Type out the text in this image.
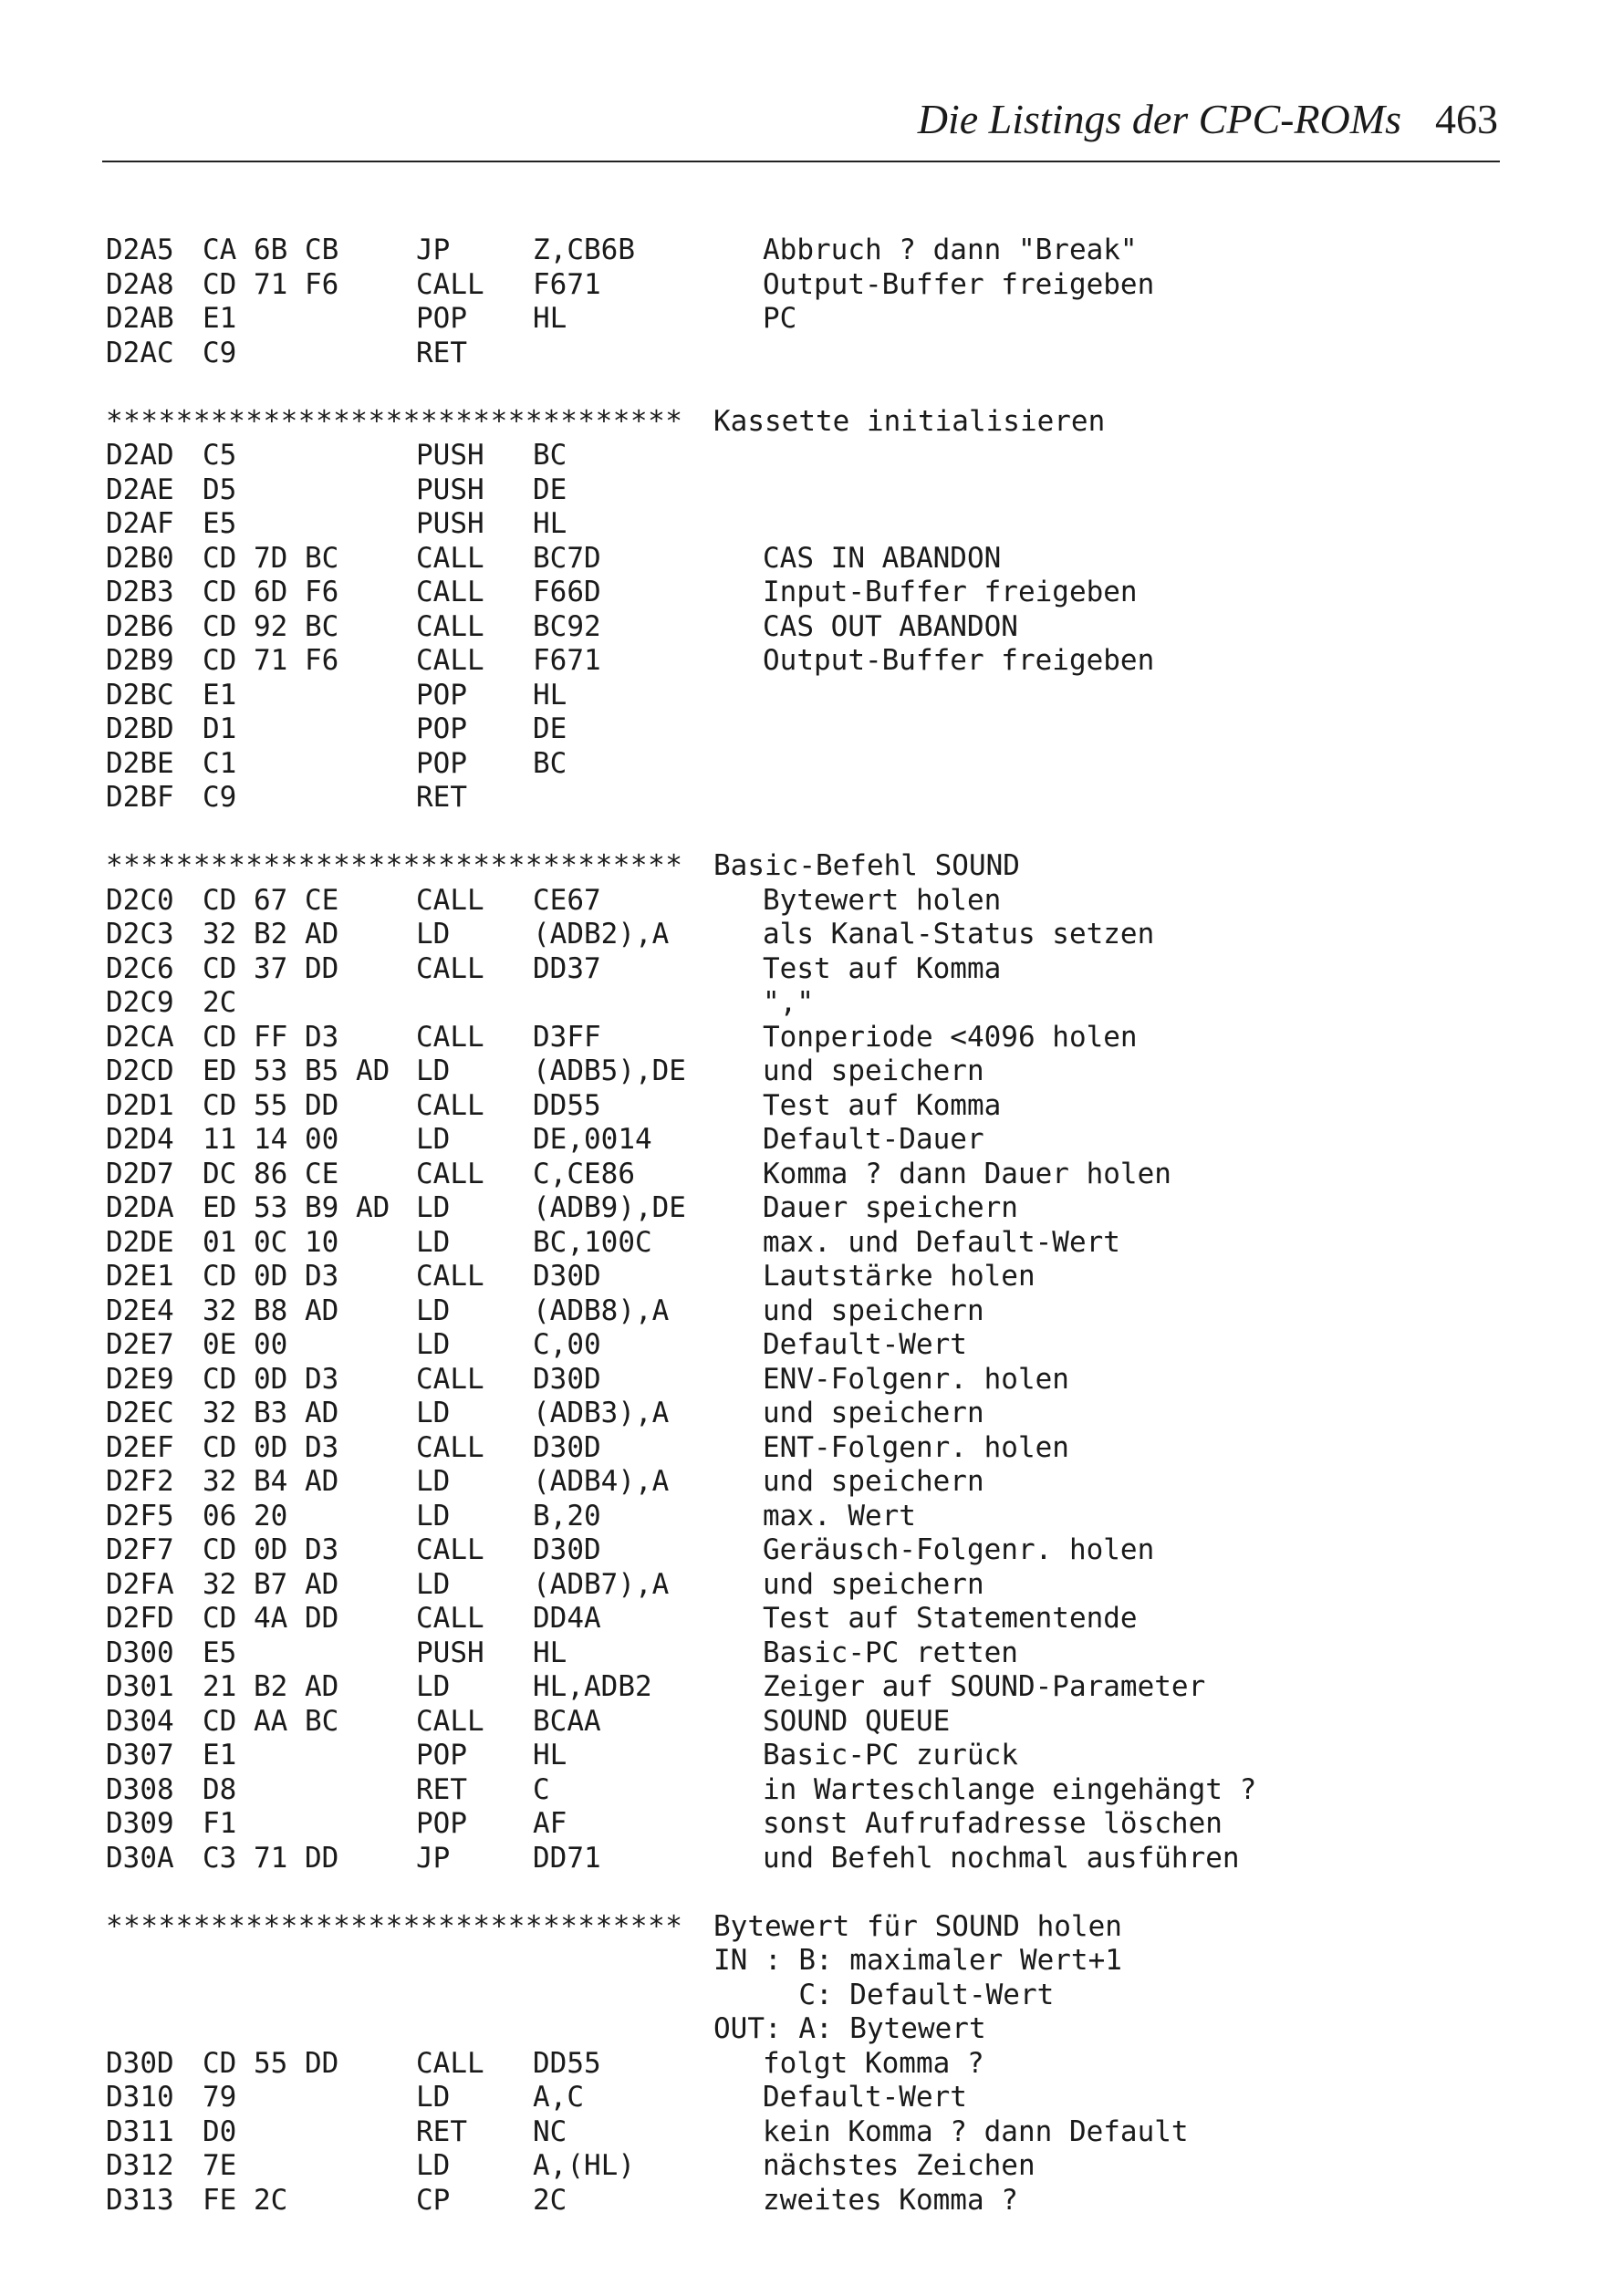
Die Listings der CPC-ROMs 463
D2A5 CA 6B CB	JP	Z,CB6B	Abbruch ? dann "Break"
D2A8 CD 71 F6	CALL F671	Output-Buffer freigeben
D2AB E1	POP HL	PC
D2AC C9	RET
********************************* Kassette initialisieren
D2AD C5	PUSH BC
D2AE D5	PUSH DE
D2AF E5	PUSH HL
D2B0 CD 7D BC	CALL BC7D	CAS IN ABANDON
D2B3 CD 6D F6	CALL F66D	Input-Buffer freigeben
D2B6 CD 92 BC	CALL BC92	CAS OUT ABANDON
D2B9 CD 71 F6	CALL F671	Output-Buffer freigeben
D2BC E1	POP HL
D2BD D1	POP DE
D2BE C1	POP BC
D2BF C9	RET
********************************* Basic-Befehl SOUND
D2C0 CD 67 CE	CALL CE67	Bytewert holen
D2C3 32 B2 AD	LD	(ADB2),A	als Kanal-Status setzen
D2C6 CD 37 DD	CALL DD37	Test auf Komma
D2C9 2C	","
D2CA CD FF D3	CALL D3FF	Tonperiode <4096 holen
D2CD ED 53 B5 AD LD	(ADB5),DE	und speichern
D2D1 CD 55 DD	CALL DD55	Test auf Komma
D2D4 11 14 00	LD	DE,0014	Default-Dauer
D2D7 DC 86 CE	CALL C,CE86	Komma ? dann Dauer holen
D2DA ED 53 B9 AD LD	(ADB9),DE	Dauer speichern
D2DE 01 0C 10	LD	BC,100C	max. und Default-Wert
D2E1 CD 0D D3	CALL D30D	Lautstärke holen
D2E4 32 B8 AD	LD	(ADB8),A	und speichern
D2E7 0E 00	LD	C,00	Default-Wert
D2E9 CD 0D D3	CALL D30D	ENV-Folgenr. holen
D2EC 32 B3 AD	LD	(ADB3),A	und speichern
D2EF CD 0D D3	CALL D30D	ENT-Folgenr. holen
D2F2 32 B4 AD	LD	(ADB4),A	und speichern
D2F5 06 20	LD	B,20	max. Wert
D2F7 CD 0D D3	CALL D30D	Geräusch-Folgenr. holen
D2FA 32 B7 AD	LD	(ADB7),A	und speichern
D2FD CD 4A DD	CALL DD4A	Test auf Statementende
D300 E5	PUSH HL	Basic-PC retten
D301 21 B2 AD	LD	HL,ADB2	Zeiger auf SOUND-Parameter
D304 CD AA BC	CALL BCAA	SOUND QUEUE
D307 E1	POP HL	Basic-PC zurück
D308 D8	RET C	in Warteschlange eingehängt ?
D309 F1	POP AF	sonst Aufrufadresse löschen
D30A C3 71 DD	JP	DD71	und Befehl nochmal ausführen
********************************* Bytewert für SOUND holen
IN : B: maximaler Wert+1
C: Default-Wert
OUT: A: Bytewert
D30D CD 55 DD	CALL DD55	folgt Komma ?
D310 79	LD	A,C	Default-Wert
D311 D0	RET NC	kein Komma ? dann Default
D312 7E	LD	A,(HL)	nächstes Zeichen
D313 FE 2C	CP	2C	zweites Komma ?
